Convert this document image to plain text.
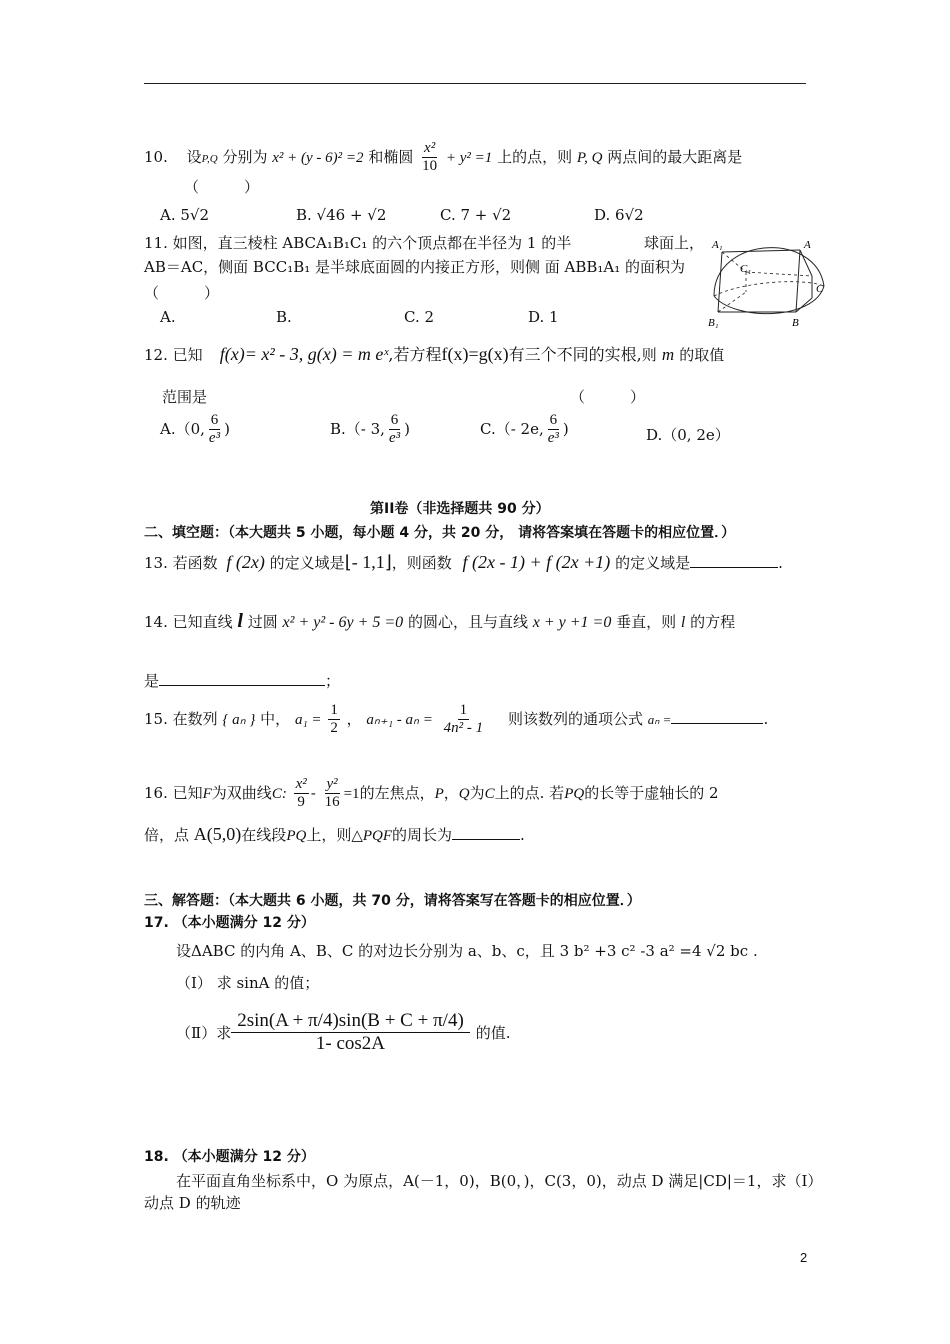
10. 设P,Q 分别为 x² + (y - 6)² =2 和椭圆 $\frac{\text{x²}}{10} + y^2 =1$ 上的点，则 P, Q 两点间的最大距离是
（　　　）
A. 5√2	B. √46 + √2	C. 7 + √2	D. 6√2
11. 如图，直三棱柱 ABCA₁B₁C₁ 的六个顶点都在半径为 1 的半	球面上，
AB＝AC，侧面 BCC₁B₁ 是半球底面圆的内接正方形，则侧 面 ABB₁A₁ 的面积为
（　　　）
A.	B.	C. 2	D. 1
A₁	A
C₁
C
B₁	B
12. 已知 f(x)= x² - 3, g(x) = m eˣ,若方程f(x)=g(x)有三个不同的实根,则 m 的取值
范围是	（　　　）
A.（0, $\frac{6}{\text{e³}}$ )	B.（- 3, $\frac{6}{\text{e³}}$ )	C.（- 2e, $\frac{6}{\text{e³}}$ )	D.（0, 2e）
第II卷（非选择题共 90 分）
二、填空题：（本大题共 5 小题，每小题 4 分，共 20 分， 请将答案填在答题卡的相应位置．）
13. 若函数 f (2x) 的定义域是⌊- 1,1⌋，则函数 f (2x - 1) + f (2x +1) 的定义域是	.
14. 已知直线 l 过圆 x² + y² - 6y + 5 =0 的圆心，且与直线 x + y +1 =0 垂直，则 l 的方程
是	；
15. 在数列 { aₙ } 中， $a_1 = \frac{1}{2}$ ， $a_{n+1} - a_n = \frac{1}{\text{4n² - 1}}$ 则该数列的通项公式 aₙ =	.
16. 已知F为双曲线C: $\frac{\text{x²}}{9} - \frac{\text{y²}}{16} =1$的左焦点，P，Q为C上的点. 若PQ的长等于虚轴长的 2
倍，点 A(5,0)在线段PQ上，则△PQF的周长为	.
三、解答题：（本大题共 6 小题，共 70 分，请将答案写在答题卡的相应位置．）
17. （本小题满分 12 分）
设ΔABC 的内角 A、B、C 的对边长分别为 a、b、c，且 3 b² +3 c² -3 a² =4 √2 bc .
（Ⅰ） 求 sinA 的值；
（Ⅱ）求 $\frac{2\sin(A + \pi/4)\sin(B + C + \pi/4)}{1- \cos 2A}$ 的值.
18. （本小题满分 12 分）
在平面直角坐标系中，O 为原点，A(－1，0)，B(0，)，C(3，0)，动点 D 满足|CD|＝1，求（Ⅰ）
动点 D 的轨迹
2
